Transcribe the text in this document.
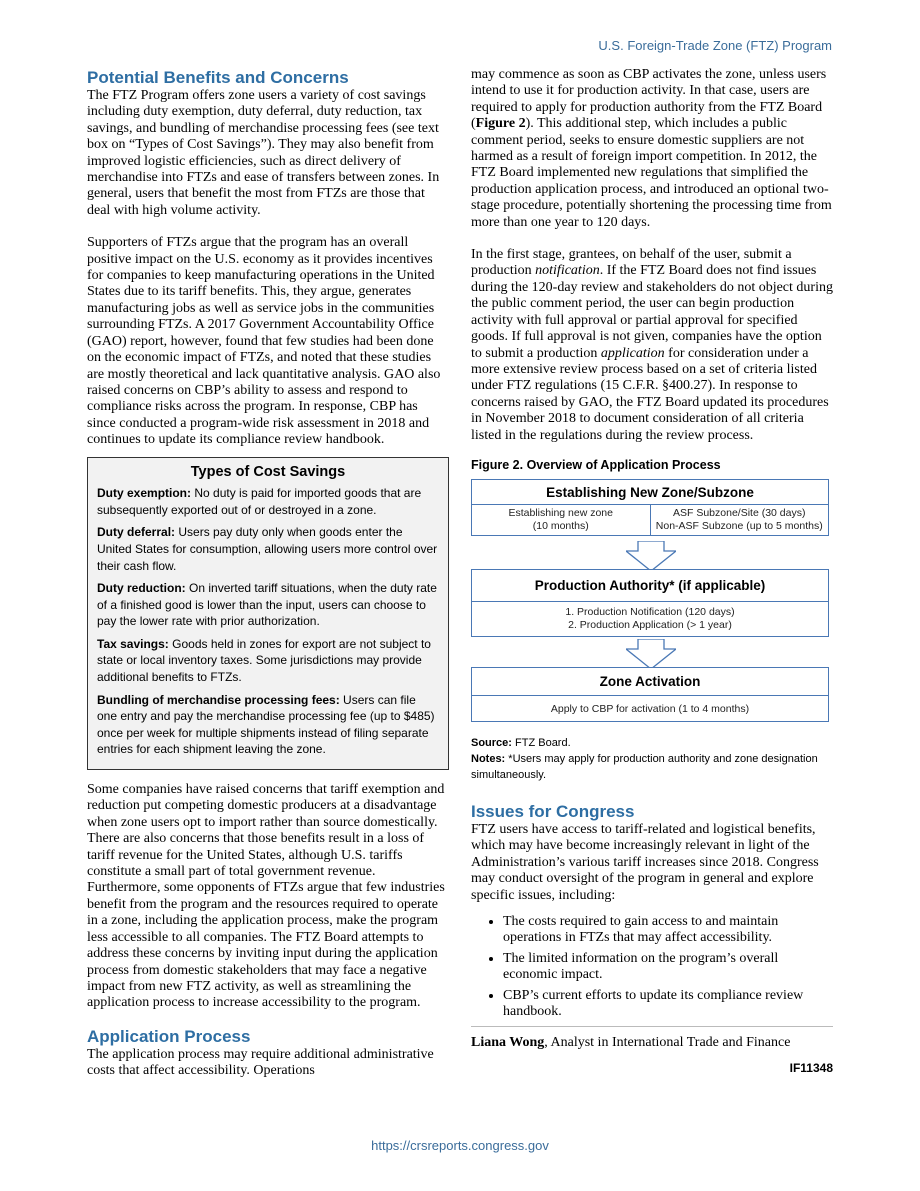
U.S. Foreign-Trade Zone (FTZ) Program
Potential Benefits and Concerns

The FTZ Program offers zone users a variety of cost savings including duty exemption, duty deferral, duty reduction, tax savings, and bundling of merchandise processing fees (see text box on “Types of Cost Savings”). They may also benefit from improved logistic efficiencies, such as direct delivery of merchandise into FTZs and ease of transfers between zones. In general, users that benefit the most from FTZs are those that deal with high volume activity.

Supporters of FTZs argue that the program has an overall positive impact on the U.S. economy as it provides incentives for companies to keep manufacturing operations in the United States due to its tariff benefits. This, they argue, generates manufacturing jobs as well as service jobs in the communities surrounding FTZs. A 2017 Government Accountability Office (GAO) report, however, found that few studies had been done on the economic impact of FTZs, and noted that these studies are mostly theoretical and lack quantitative analysis. GAO also raised concerns on CBP’s ability to assess and respond to compliance risks across the program. In response, CBP has since conducted a program-wide risk assessment in 2018 and continues to update its compliance review handbook.

Types of Cost Savings
Duty exemption: No duty is paid for imported goods that are subsequently exported out of or destroyed in a zone.
Duty deferral: Users pay duty only when goods enter the United States for consumption, allowing users more control over their cash flow.
Duty reduction: On inverted tariff situations, when the duty rate of a finished good is lower than the input, users can choose to pay the lower rate with prior authorization.
Tax savings: Goods held in zones for export are not subject to state or local inventory taxes. Some jurisdictions may provide additional benefits to FTZs.
Bundling of merchandise processing fees: Users can file one entry and pay the merchandise processing fee (up to $485) once per week for multiple shipments instead of filing separate entries for each shipment leaving the zone.

Some companies have raised concerns that tariff exemption and reduction put competing domestic producers at a disadvantage when zone users opt to import rather than source domestically. There are also concerns that those benefits result in a loss of tariff revenue for the United States, although U.S. tariffs constitute a small part of total government revenue. Furthermore, some opponents of FTZs argue that few industries benefit from the program and the resources required to operate in a zone, including the application process, make the program less accessible to all companies. The FTZ Board attempts to address these concerns by inviting input during the application process from domestic stakeholders that may face a negative impact from new FTZ activity, as well as streamlining the application process to increase accessibility to the program.

Application Process

The application process may require additional administrative costs that affect accessibility. Operations

may commence as soon as CBP activates the zone, unless users intend to use it for production activity. In that case, users are required to apply for production authority from the FTZ Board (Figure 2). This additional step, which includes a public comment period, seeks to ensure domestic suppliers are not harmed as a result of foreign import competition. In 2012, the FTZ Board implemented new regulations that simplified the production application process, and introduced an optional two-stage procedure, potentially shortening the processing time from more than one year to 120 days.

In the first stage, grantees, on behalf of the user, submit a production notification. If the FTZ Board does not find issues during the 120-day review and stakeholders do not object during the public comment period, the user can begin production activity with full approval or partial approval for specified goods. If full approval is not given, companies have the option to submit a production application for consideration under a more extensive review process based on a set of criteria listed under FTZ regulations (15 C.F.R. §400.27). In response to concerns raised by GAO, the FTZ Board updated its procedures in November 2018 to document consideration of all criteria listed in the regulations during the review process.

Figure 2. Overview of Application Process
Establishing New Zone/Subzone
Establishing new zone
(10 months)
ASF Subzone/Site (30 days)
Non-ASF Subzone (up to 5 months)
Production Authority* (if applicable)
1. Production Notification (120 days)
2. Production Application (> 1 year)
Zone Activation
Apply to CBP for activation (1 to 4 months)
Source: FTZ Board.
Notes: *Users may apply for production authority and zone designation simultaneously.
Issues for Congress

FTZ users have access to tariff-related and logistical benefits, which may have become increasingly relevant in light of the Administration’s various tariff increases since 2018. Congress may conduct oversight of the program in general and explore specific issues, including:

• The costs required to gain access to and maintain operations in FTZs that may affect accessibility.
• The limited information on the program’s overall economic impact.
• CBP’s current efforts to update its compliance review handbook.
Liana Wong, Analyst in International Trade and Finance
IF11348
https://crsreports.congress.gov
